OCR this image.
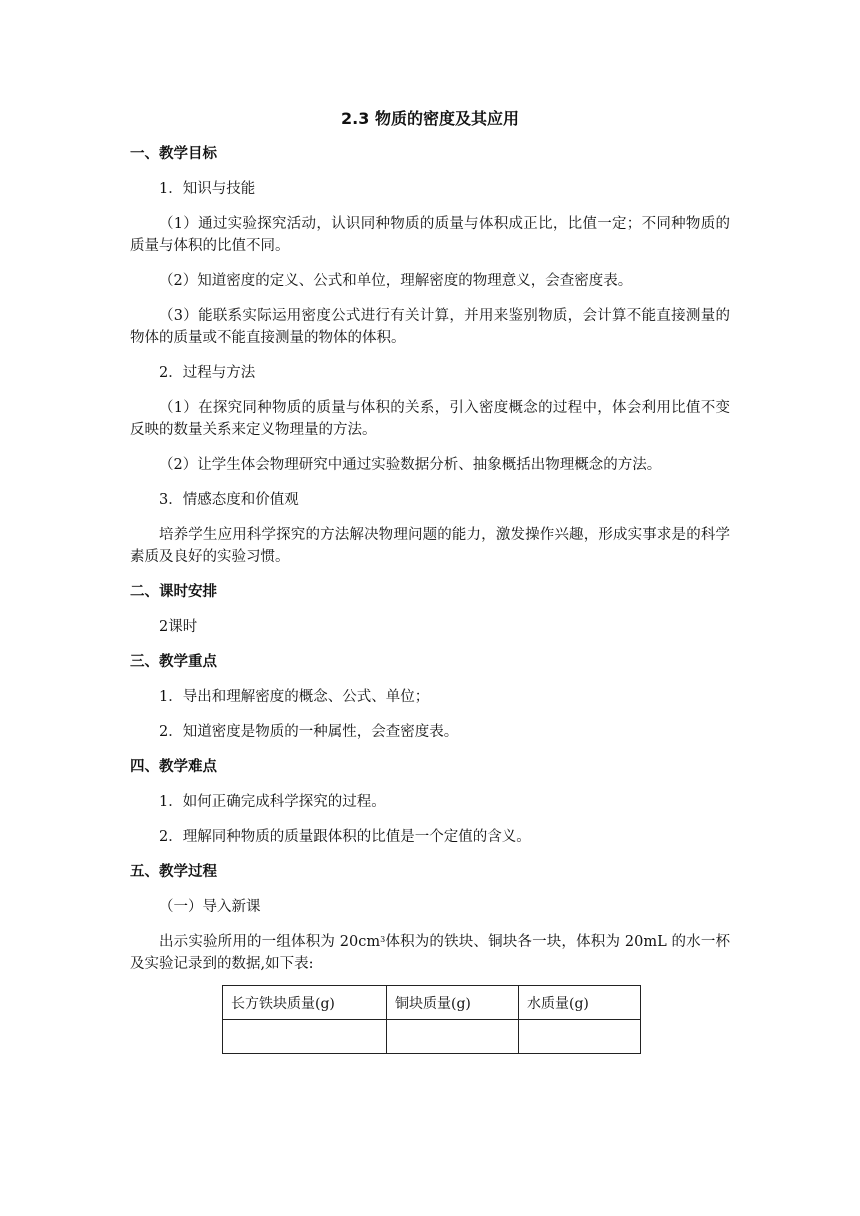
2.3 物质的密度及其应用
一、教学目标
1．知识与技能
（1）通过实验探究活动，认识同种物质的质量与体积成正比，比值一定；不同种物质的质量与体积的比值不同。
（2）知道密度的定义、公式和单位，理解密度的物理意义，会查密度表。
（3）能联系实际运用密度公式进行有关计算，并用来鉴别物质，会计算不能直接测量的物体的质量或不能直接测量的物体的体积。
2．过程与方法
（1）在探究同种物质的质量与体积的关系，引入密度概念的过程中，体会利用比值不变反映的数量关系来定义物理量的方法。
（2）让学生体会物理研究中通过实验数据分析、抽象概括出物理概念的方法。
3．情感态度和价值观
培养学生应用科学探究的方法解决物理问题的能力，激发操作兴趣，形成实事求是的科学素质及良好的实验习惯。
二、课时安排
2课时
三、教学重点
1．导出和理解密度的概念、公式、单位；
2．知道密度是物质的一种属性，会查密度表。
四、教学难点
1．如何正确完成科学探究的过程。
2．理解同种物质的质量跟体积的比值是一个定值的含义。
五、教学过程
（一）导入新课
出示实验所用的一组体积为 $20cm^3$体积为的铁块、铜块各一块，体积为 20mL 的水一杯及实验记录到的数据,如下表:
长方铁块质量(g)	铜块质量(g)	水质量(g)
